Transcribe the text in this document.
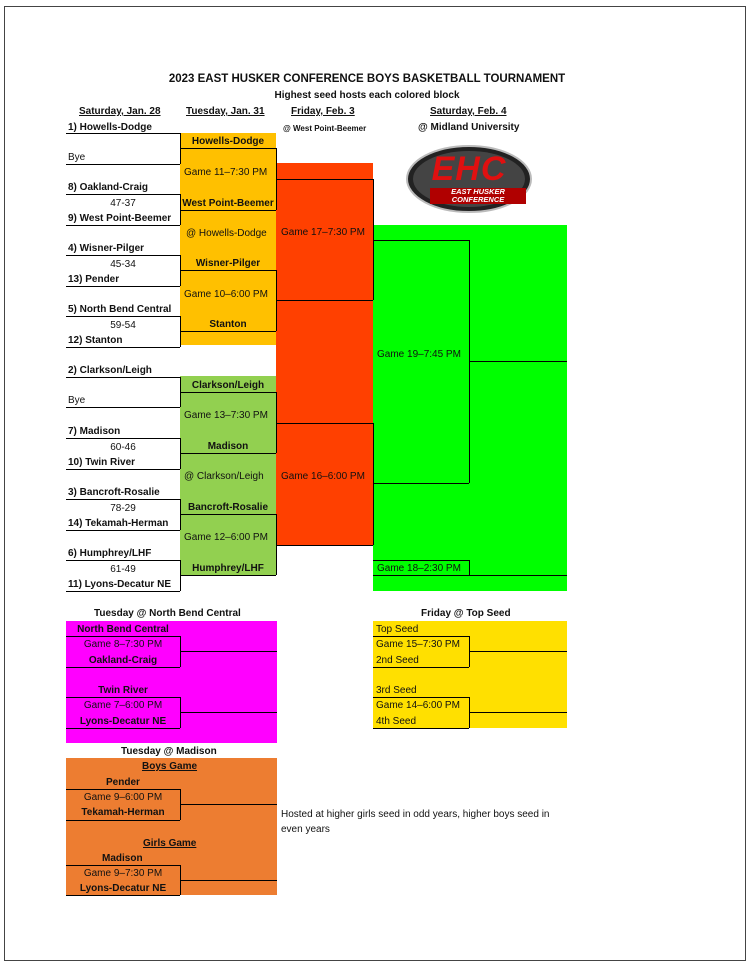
2023 EAST HUSKER CONFERENCE BOYS BASKETBALL TOURNAMENT
Highest seed hosts each colored block
Saturday, Jan. 28	Tuesday, Jan. 31	Friday, Feb. 3
@ West Point-Beemer
Saturday, Feb. 4
@ Midland University
1) Howells-Dodge
Bye
8) Oakland-Craig
47-37
9) West Point-Beemer
4) Wisner-Pilger
45-34
13) Pender
5) North Bend Central
59-54
12) Stanton
2) Clarkson/Leigh
Bye
7) Madison
60-46
10) Twin River
3) Bancroft-Rosalie
78-29
14) Tekamah-Herman
6) Humphrey/LHF
61-49
11) Lyons-Decatur NE
Howells-Dodge
Game 11–7:30 PM
West Point-Beemer
@ Howells-Dodge
Wisner-Pilger
Game 10–6:00 PM
Stanton
Clarkson/Leigh
Game 13–7:30 PM
Madison
@ Clarkson/Leigh
Bancroft-Rosalie
Game 12–6:00 PM
Humphrey/LHF
Game 17–7:30 PM
Game 16–6:00 PM
Game 19–7:45 PM
Game 18–2:30 PM
EHC
EAST HUSKER
CONFERENCE
Tuesday @ North Bend Central
North Bend Central
Game 8–7:30 PM
Oakland-Craig
Twin River
Game 7–6:00 PM
Lyons-Decatur NE
Friday @ Top Seed
Top Seed
Game 15–7:30 PM
2nd Seed
3rd Seed
Game 14–6:00 PM
4th Seed
Tuesday @ Madison
Boys Game
Pender
Game 9–6:00 PM
Tekamah-Herman
Girls Game
Madison
Game 9–7:30 PM
Lyons-Decatur NE
Hosted at higher girls seed in odd years, higher boys seed in even years
